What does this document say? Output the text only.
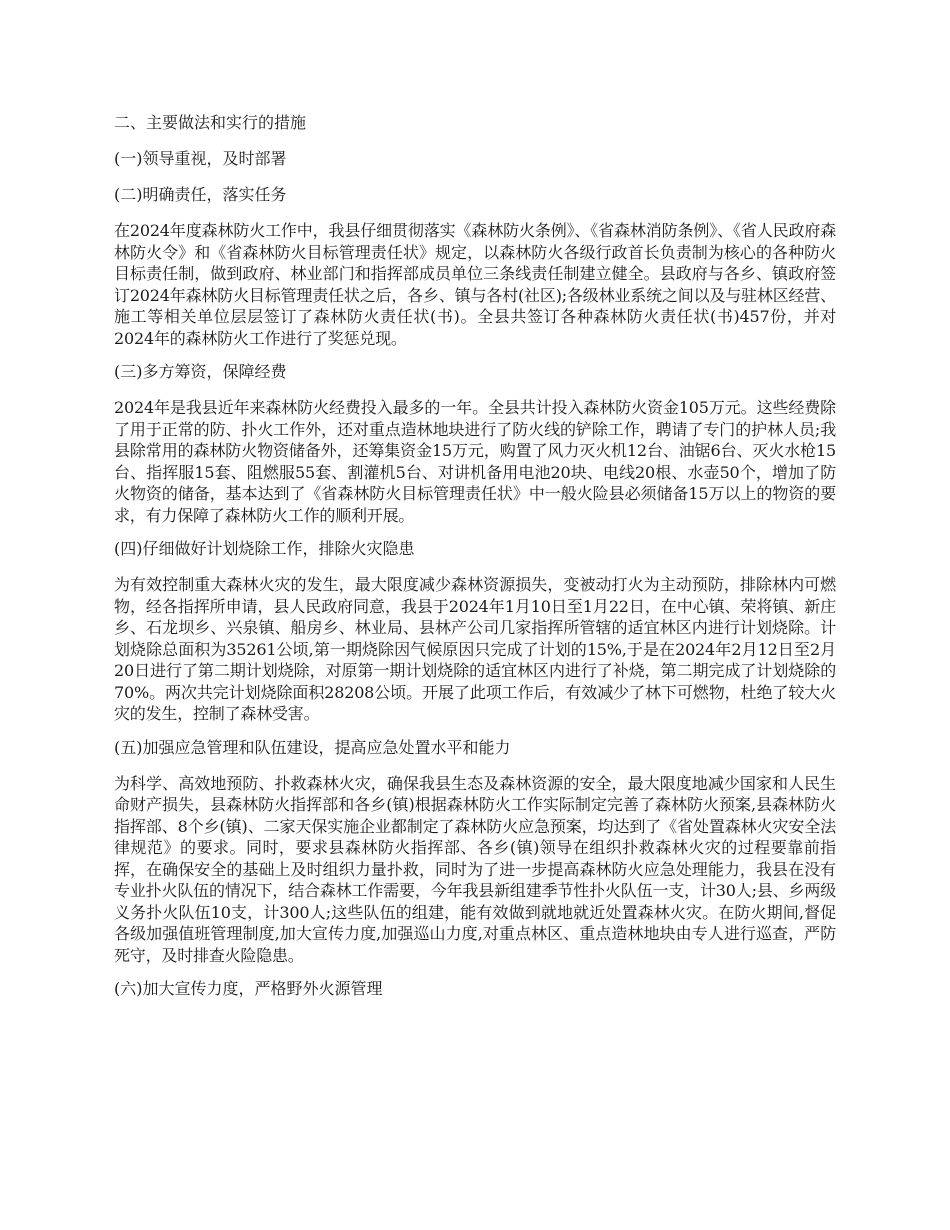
二、主要做法和实行的措施
(一)领导重视，及时部署
(二)明确责任，落实任务
在2024年度森林防火工作中，我县仔细贯彻落实《森林防火条例》、《省森林消防条例》、《省人民政府森林防火令》和《省森林防火目标管理责任状》规定，以森林防火各级行政首长负责制为核心的各种防火目标责任制，做到政府、林业部门和指挥部成员单位三条线责任制建立健全。县政府与各乡、镇政府签订2024年森林防火目标管理责任状之后，各乡、镇与各村(社区);各级林业系统之间以及与驻林区经营、施工等相关单位层层签订了森林防火责任状(书)。全县共签订各种森林防火责任状(书)457份，并对2024年的森林防火工作进行了奖惩兑现。
(三)多方筹资，保障经费
2024年是我县近年来森林防火经费投入最多的一年。全县共计投入森林防火资金105万元。这些经费除了用于正常的防、扑火工作外，还对重点造林地块进行了防火线的铲除工作，聘请了专门的护林人员;我县除常用的森林防火物资储备外，还筹集资金15万元，购置了风力灭火机12台、油锯6台、灭火水枪15台、指挥服15套、阻燃服55套、割灌机5台、对讲机备用电池20块、电线20根、水壶50个，增加了防火物资的储备，基本达到了《省森林防火目标管理责任状》中一般火险县必须储备15万以上的物资的要求，有力保障了森林防火工作的顺利开展。
(四)仔细做好计划烧除工作，排除火灾隐患
为有效控制重大森林火灾的发生，最大限度减少森林资源损失，变被动打火为主动预防，排除林内可燃物，经各指挥所申请，县人民政府同意，我县于2024年1月10日至1月22日，在中心镇、荣将镇、新庄乡、石龙坝乡、兴泉镇、船房乡、林业局、县林产公司几家指挥所管辖的适宜林区内进行计划烧除。计划烧除总面积为35261公顷,第一期烧除因气候原因只完成了计划的15%,于是在2024年2月12日至2月20日进行了第二期计划烧除，对原第一期计划烧除的适宜林区内进行了补烧，第二期完成了计划烧除的70%。两次共完计划烧除面积28208公顷。开展了此项工作后，有效减少了林下可燃物，杜绝了较大火灾的发生，控制了森林受害。
(五)加强应急管理和队伍建设，提高应急处置水平和能力
为科学、高效地预防、扑救森林火灾，确保我县生态及森林资源的安全，最大限度地减少国家和人民生命财产损失，县森林防火指挥部和各乡(镇)根据森林防火工作实际制定完善了森林防火预案,县森林防火指挥部、8个乡(镇)、二家天保实施企业都制定了森林防火应急预案，均达到了《省处置森林火灾安全法律规范》的要求。同时，要求县森林防火指挥部、各乡(镇)领导在组织扑救森林火灾的过程要靠前指挥，在确保安全的基础上及时组织力量扑救，同时为了进一步提高森林防火应急处理能力，我县在没有专业扑火队伍的情况下，结合森林工作需要，今年我县新组建季节性扑火队伍一支，计30人;县、乡两级义务扑火队伍10支，计300人;这些队伍的组建，能有效做到就地就近处置森林火灾。在防火期间,督促各级加强值班管理制度,加大宣传力度,加强巡山力度,对重点林区、重点造林地块由专人进行巡查，严防死守，及时排查火险隐患。
(六)加大宣传力度，严格野外火源管理
